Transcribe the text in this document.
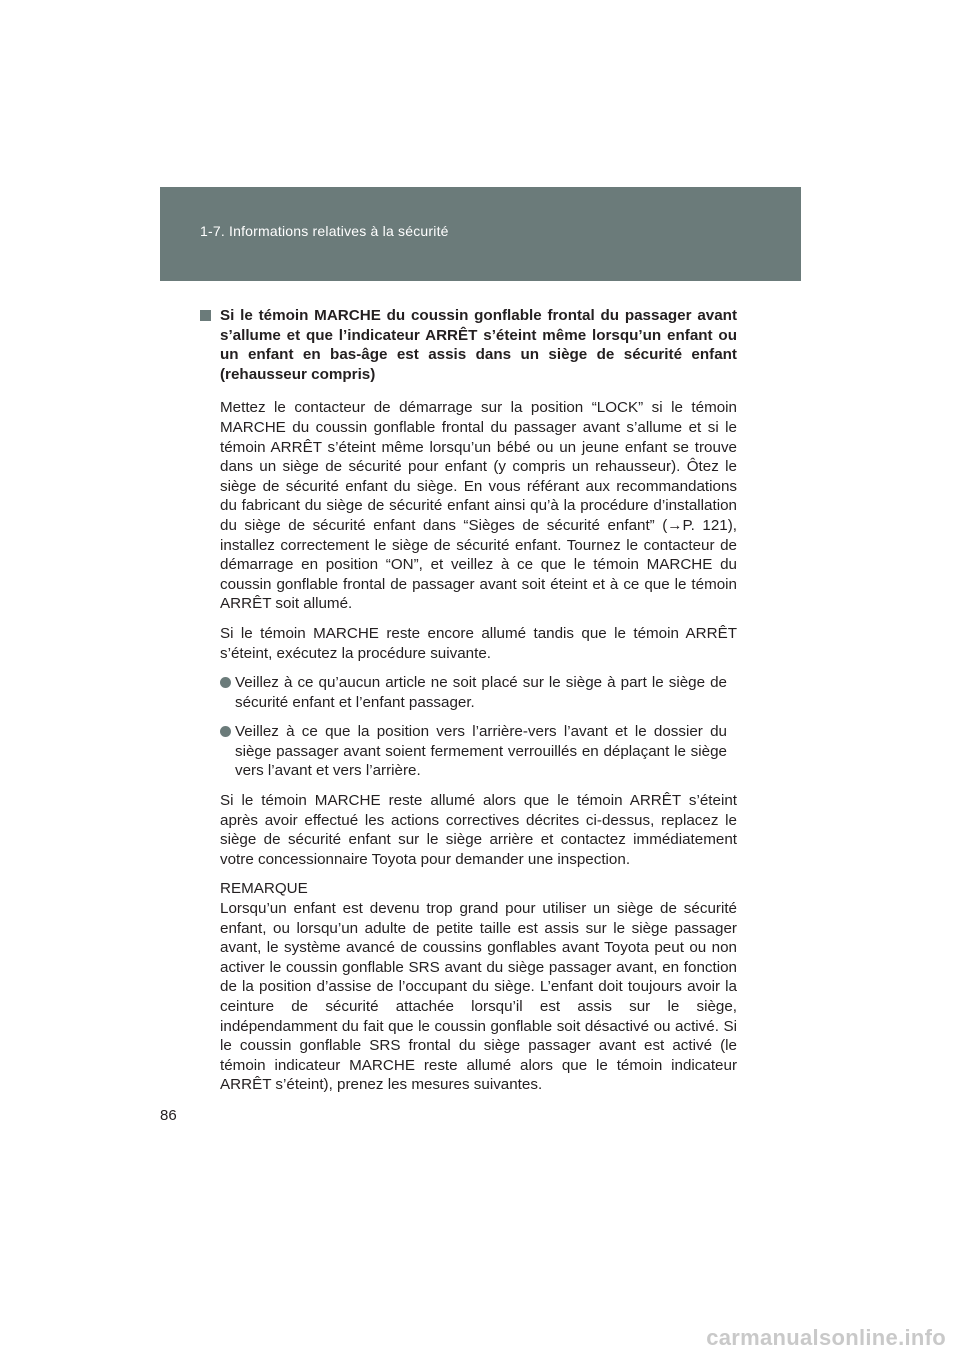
1-7. Informations relatives à la sécurité
Si le témoin MARCHE du coussin gonflable frontal du passager avant s’allume et que l’indicateur ARRÊT s’éteint même lorsqu’un enfant ou un enfant en bas-âge est assis dans un siège de sécurité enfant (rehausseur compris)

Mettez le contacteur de démarrage sur la position “LOCK” si le témoin MARCHE du coussin gonflable frontal du passager avant s’allume et si le témoin ARRÊT s’éteint même lorsqu’un bébé ou un jeune enfant se trouve dans un siège de sécurité pour enfant (y compris un rehausseur). Ôtez le siège de sécurité enfant du siège. En vous référant aux recommandations du fabricant du siège de sécurité enfant ainsi qu’à la procédure d’installation du siège de sécurité enfant dans “Sièges de sécurité enfant” (→P. 121), installez correctement le siège de sécurité enfant. Tournez le contacteur de démarrage en position “ON”, et veillez à ce que le témoin MARCHE du coussin gonflable frontal de passager avant soit éteint et à ce que le témoin ARRÊT soit allumé.

Si le témoin MARCHE reste encore allumé tandis que le témoin ARRÊT s’éteint, exécutez la procédure suivante.

Veillez à ce qu’aucun article ne soit placé sur le siège à part le siège de sécurité enfant et l’enfant passager.
Veillez à ce que la position vers l’arrière-vers l’avant et le dossier du siège passager avant soient fermement verrouillés en déplaçant le siège vers l’avant et vers l’arrière.

Si le témoin MARCHE reste allumé alors que le témoin ARRÊT s’éteint après avoir effectué les actions correctives décrites ci-dessus, replacez le siège de sécurité enfant sur le siège arrière et contactez immédiatement votre concessionnaire Toyota pour demander une inspection.

REMARQUE
Lorsqu’un enfant est devenu trop grand pour utiliser un siège de sécurité enfant, ou lorsqu’un adulte de petite taille est assis sur le siège passager avant, le système avancé de coussins gonflables avant Toyota peut ou non activer le coussin gonflable SRS avant du siège passager avant, en fonction de la position d’assise de l’occupant du siège. L’enfant doit toujours avoir la ceinture de sécurité attachée lorsqu’il est assis sur le siège, indépendamment du fait que le coussin gonflable soit désactivé ou activé. Si le coussin gonflable SRS frontal du siège passager avant est activé (le témoin indicateur MARCHE reste allumé alors que le témoin indicateur ARRÊT s’éteint), prenez les mesures suivantes.
86
carmanualsonline.info
